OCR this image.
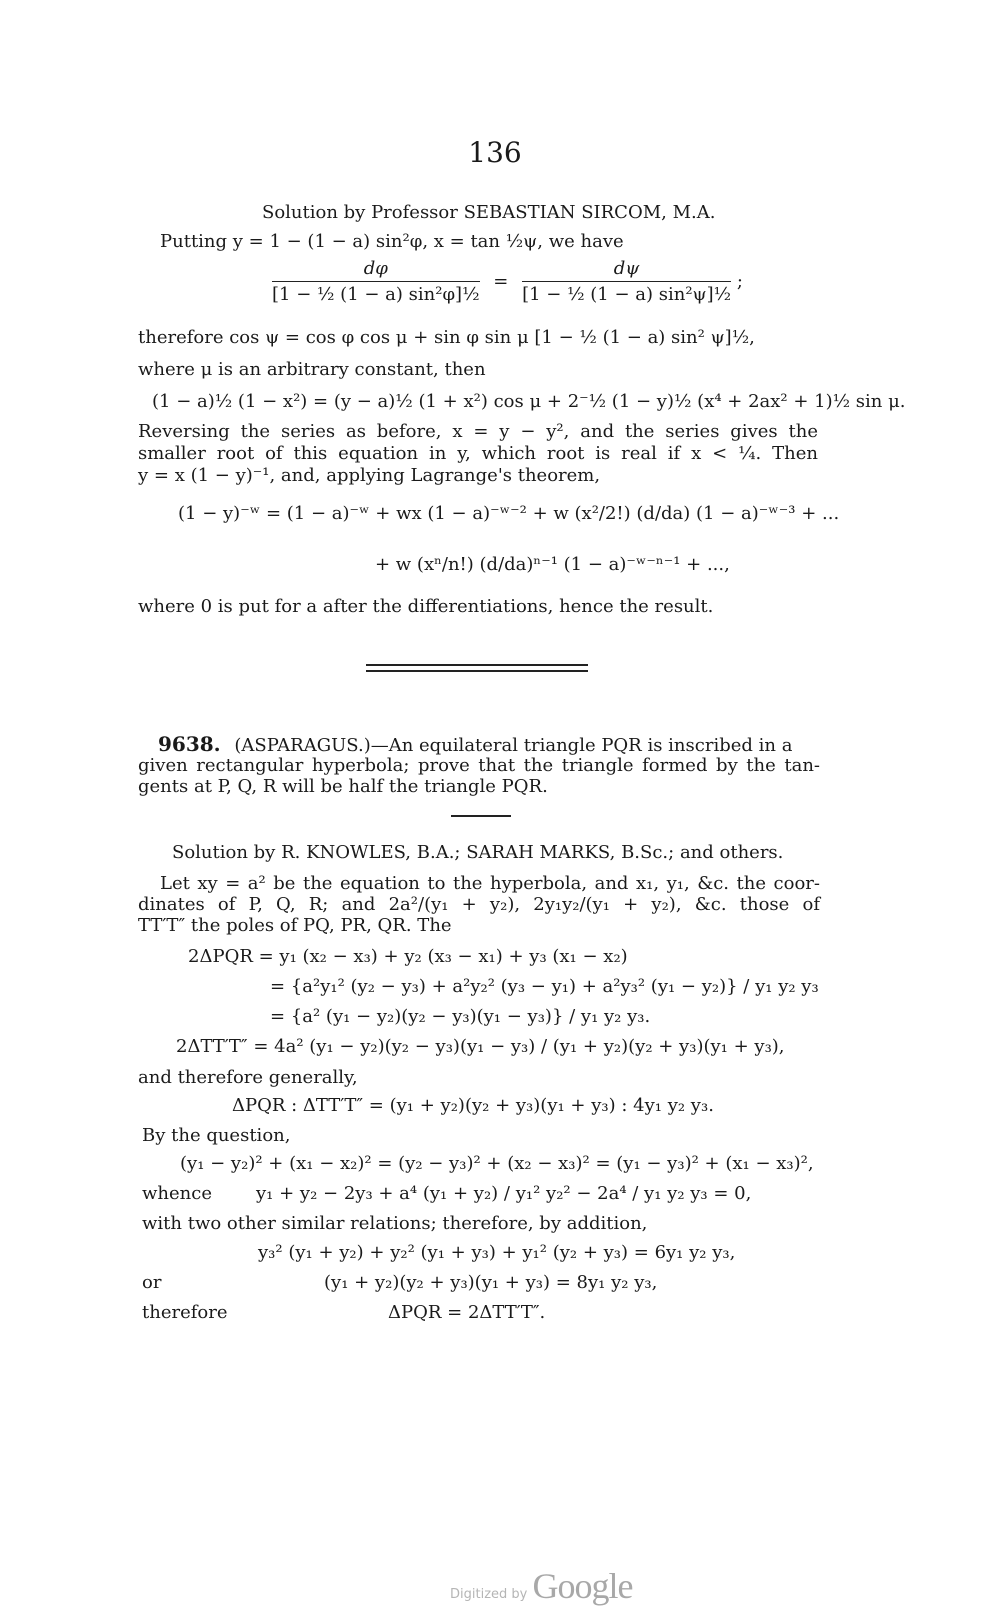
136
Solution by Professor SEBASTIAN SIRCOM, M.A.
Putting y = 1 − (1 − a) sin²φ, x = tan ½ψ, we have
$\frac{d\varphi}{\text{[1 − ½ (1 − a) sin²φ]½}} = \frac{d\psi}{\text{[1 − ½ (1 − a) sin²ψ]½}}$ ;
therefore cos ψ = cos φ cos μ + sin φ sin μ [1 − ½ (1 − a) sin² ψ]½,
where μ is an arbitrary constant, then
(1 − a)½ (1 − x²) = (y − a)½ (1 + x²) cos μ + 2⁻½ (1 − y)½ (x⁴ + 2ax² + 1)½ sin μ.
Reversing the series as before, x = y − y², and the series gives the
smaller root of this equation in y, which root is real if x < ¼. Then
y = x (1 − y)⁻¹, and, applying Lagrange's theorem,
(1 − y)⁻ʷ = (1 − a)⁻ʷ + wx (1 − a)⁻ʷ⁻² + w (x²/2!) (d/da) (1 − a)⁻ʷ⁻³ + ...
+ w (xⁿ/n!) (d/da)ⁿ⁻¹ (1 − a)⁻ʷ⁻ⁿ⁻¹ + ...,
where 0 is put for a after the differentiations, hence the result.
9638. (ASPARAGUS.)—An equilateral triangle PQR is inscribed in a
given rectangular hyperbola; prove that the triangle formed by the tan-
gents at P, Q, R will be half the triangle PQR.
Solution by R. KNOWLES, B.A.; SARAH MARKS, B.Sc.; and others.
Let xy = a² be the equation to the hyperbola, and x₁, y₁, &c. the coor-
dinates of P, Q, R; and 2a²/(y₁ + y₂), 2y₁y₂/(y₁ + y₂), &c. those of
TT′T″ the poles of PQ, PR, QR. The
2ΔPQR = y₁ (x₂ − x₃) + y₂ (x₃ − x₁) + y₃ (x₁ − x₂)
= {a²y₁² (y₂ − y₃) + a²y₂² (y₃ − y₁) + a²y₃² (y₁ − y₂)} / y₁ y₂ y₃
= {a² (y₁ − y₂)(y₂ − y₃)(y₁ − y₃)} / y₁ y₂ y₃.
2ΔTT′T″ = 4a² (y₁ − y₂)(y₂ − y₃)(y₁ − y₃) / (y₁ + y₂)(y₂ + y₃)(y₁ + y₃),
and therefore generally,
ΔPQR : ΔTT′T″ = (y₁ + y₂)(y₂ + y₃)(y₁ + y₃) : 4y₁ y₂ y₃.
By the question,
(y₁ − y₂)² + (x₁ − x₂)² = (y₂ − y₃)² + (x₂ − x₃)² = (y₁ − y₃)² + (x₁ − x₃)²,
whence y₁ + y₂ − 2y₃ + a⁴ (y₁ + y₂) / y₁² y₂² − 2a⁴ / y₁ y₂ y₃ = 0,
with two other similar relations; therefore, by addition,
y₃² (y₁ + y₂) + y₂² (y₁ + y₃) + y₁² (y₂ + y₃) = 6y₁ y₂ y₃,
or	(y₁ + y₂)(y₂ + y₃)(y₁ + y₃) = 8y₁ y₂ y₃,
therefore	ΔPQR = 2ΔTT′T″.
Digitized by Google
